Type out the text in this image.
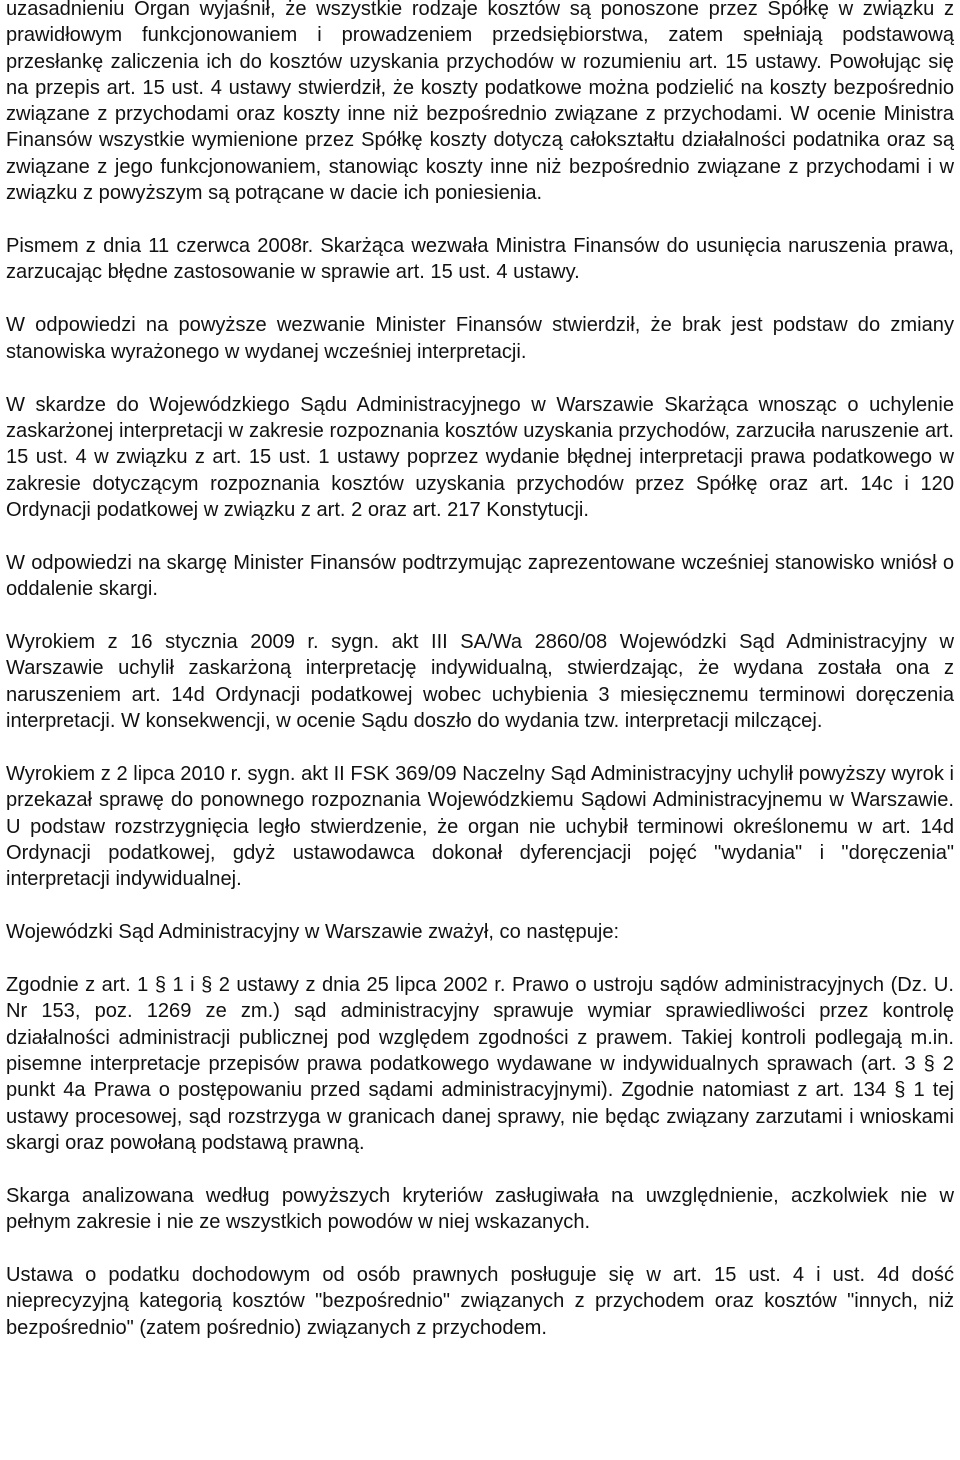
uzasadnieniu Organ wyjaśnił, że wszystkie rodzaje kosztów są ponoszone przez Spółkę w związku z prawidłowym funkcjonowaniem i prowadzeniem przedsiębiorstwa, zatem spełniają podstawową przesłankę zaliczenia ich do kosztów uzyskania przychodów w rozumieniu art. 15 ustawy. Powołując się na przepis art. 15 ust. 4 ustawy stwierdził, że koszty podatkowe można podzielić na koszty bezpośrednio związane z przychodami oraz koszty inne niż bezpośrednio związane z przychodami. W ocenie Ministra Finansów wszystkie wymienione przez Spółkę koszty dotyczą całokształtu działalności podatnika oraz są związane z jego funkcjonowaniem, stanowiąc koszty inne niż bezpośrednio związane z przychodami i w związku z powyższym są potrącane w dacie ich poniesienia.

Pismem z dnia 11 czerwca 2008r. Skarżąca wezwała Ministra Finansów do usunięcia naruszenia prawa, zarzucając błędne zastosowanie w sprawie art. 15 ust. 4 ustawy.

W odpowiedzi na powyższe wezwanie Minister Finansów stwierdził, że brak jest podstaw do zmiany stanowiska wyrażonego w wydanej wcześniej interpretacji.

W skardze do Wojewódzkiego Sądu Administracyjnego w Warszawie Skarżąca wnosząc o uchylenie zaskarżonej interpretacji w zakresie rozpoznania kosztów uzyskania przychodów, zarzuciła naruszenie art. 15 ust. 4 w związku z art. 15 ust. 1 ustawy poprzez wydanie błędnej interpretacji prawa podatkowego w zakresie dotyczącym rozpoznania kosztów uzyskania przychodów przez Spółkę oraz art. 14c i 120 Ordynacji podatkowej w związku z art. 2 oraz art. 217 Konstytucji.

W odpowiedzi na skargę Minister Finansów podtrzymując zaprezentowane wcześniej stanowisko wniósł o oddalenie skargi.

Wyrokiem z 16 stycznia 2009 r. sygn. akt III SA/Wa 2860/08 Wojewódzki Sąd Administracyjny w Warszawie uchylił zaskarżoną interpretację indywidualną, stwierdzając, że wydana została ona z naruszeniem art. 14d Ordynacji podatkowej wobec uchybienia 3 miesięcznemu terminowi doręczenia interpretacji. W konsekwencji, w ocenie Sądu doszło do wydania tzw. interpretacji milczącej.

Wyrokiem z 2 lipca 2010 r. sygn. akt II FSK 369/09 Naczelny Sąd Administracyjny uchylił powyższy wyrok i przekazał sprawę do ponownego rozpoznania Wojewódzkiemu Sądowi Administracyjnemu w Warszawie. U podstaw rozstrzygnięcia legło stwierdzenie, że organ nie uchybił terminowi określonemu w art. 14d Ordynacji podatkowej, gdyż ustawodawca dokonał dyferencjacji pojęć "wydania" i "doręczenia" interpretacji indywidualnej.

Wojewódzki Sąd Administracyjny w Warszawie zważył, co następuje:

Zgodnie z art. 1 § 1 i § 2 ustawy z dnia 25 lipca 2002 r. Prawo o ustroju sądów administracyjnych (Dz. U. Nr 153, poz. 1269 ze zm.) sąd administracyjny sprawuje wymiar sprawiedliwości przez kontrolę działalności administracji publicznej pod względem zgodności z prawem. Takiej kontroli podlegają m.in. pisemne interpretacje przepisów prawa podatkowego wydawane w indywidualnych sprawach (art. 3 § 2 punkt 4a Prawa o postępowaniu przed sądami administracyjnymi). Zgodnie natomiast z art. 134 § 1 tej ustawy procesowej, sąd rozstrzyga w granicach danej sprawy, nie będąc związany zarzutami i wnioskami skargi oraz powołaną podstawą prawną.

Skarga analizowana według powyższych kryteriów zasługiwała na uwzględnienie, aczkolwiek nie w pełnym zakresie i nie ze wszystkich powodów w niej wskazanych.

Ustawa o podatku dochodowym od osób prawnych posługuje się w art. 15 ust. 4 i ust. 4d dość nieprecyzyjną kategorią kosztów "bezpośrednio" związanych z przychodem oraz kosztów "innych, niż bezpośrednio" (zatem pośrednio) związanych z przychodem.
